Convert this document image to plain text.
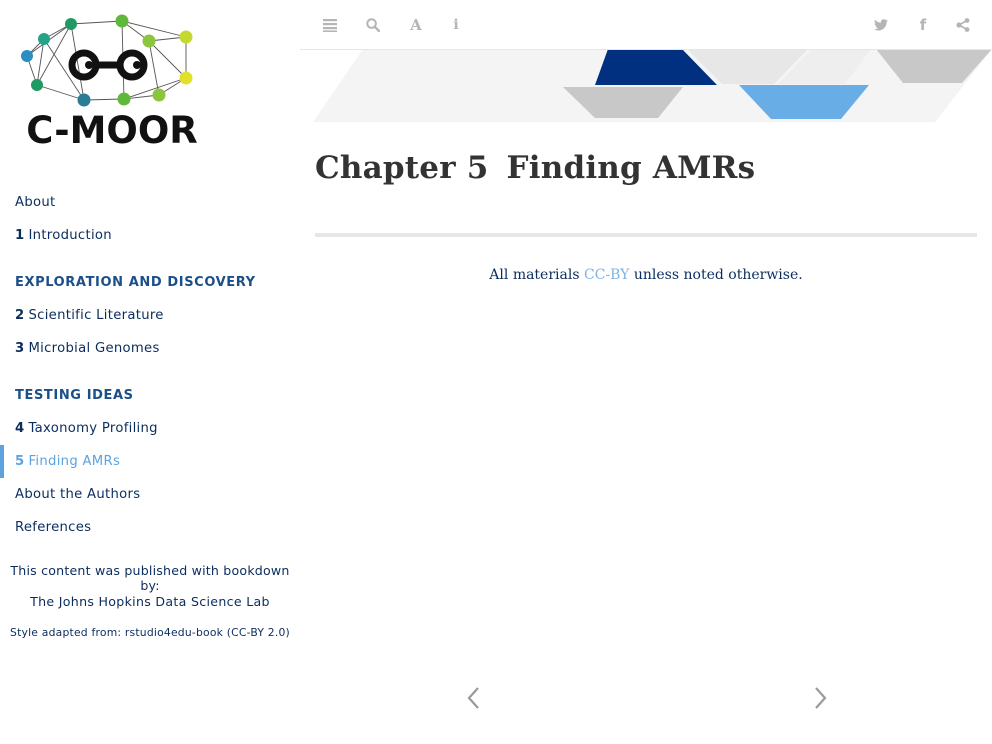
C-MOOR
About
1 Introduction
EXPLORATION AND DISCOVERY
2 Scientific Literature
3 Microbial Genomes
TESTING IDEAS
4 Taxonomy Profiling
5 Finding AMRs
About the Authors
References
This content was published with bookdown by:
The Johns Hopkins Data Science Lab
Style adapted from: rstudio4edu-book (CC-BY 2.0)
A	i	f
Chapter 5 Finding AMRs
All materials CC-BY unless noted otherwise.
